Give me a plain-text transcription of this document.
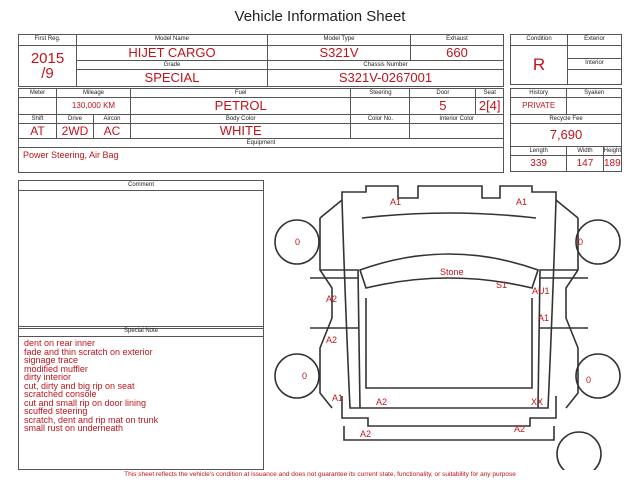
Vehicle Information Sheet
First Reg.	Model Name	Model Type	Exhaust

2015
/9	HIJET CARGO	S321V	660

	Grade	Chassis Number	

	SPECIAL	S321V-0267001	
Condition	Exterior

R	

	Interior

Meter	Mileage		Fuel	Steering	Door	Seat

	130,000 KM		PETROL		5	2[4]

Shift	Drive	Aircon	Body Color	Color No.	Interior Color	

AT	2WD	AC	WHITE			

Equipment						

Power Steering, Air Bag						
History	Syaken	

PRIVATE		

Recycle Fee		

7,690		

Length	Width	Height

339	147	189
Comment
Special Note
dent on rear inner
fade and thin scratch on exterior
signage trace
modified muffler
dirty interior
cut, dirty and big rip on seat
scratched console
cut and small rip on door lining
scuffed steering
scratch, dent and rip mat on trunk
small rust on underneath
A1	A1
0	0
Stone
S1
AU1
A2
A1
A2
0	0
A1	A2	XX
A2	A2
This sheet reflects the vehicle's condition at issuance and does not guarantee its current state, functionality, or suitability for any purpose
